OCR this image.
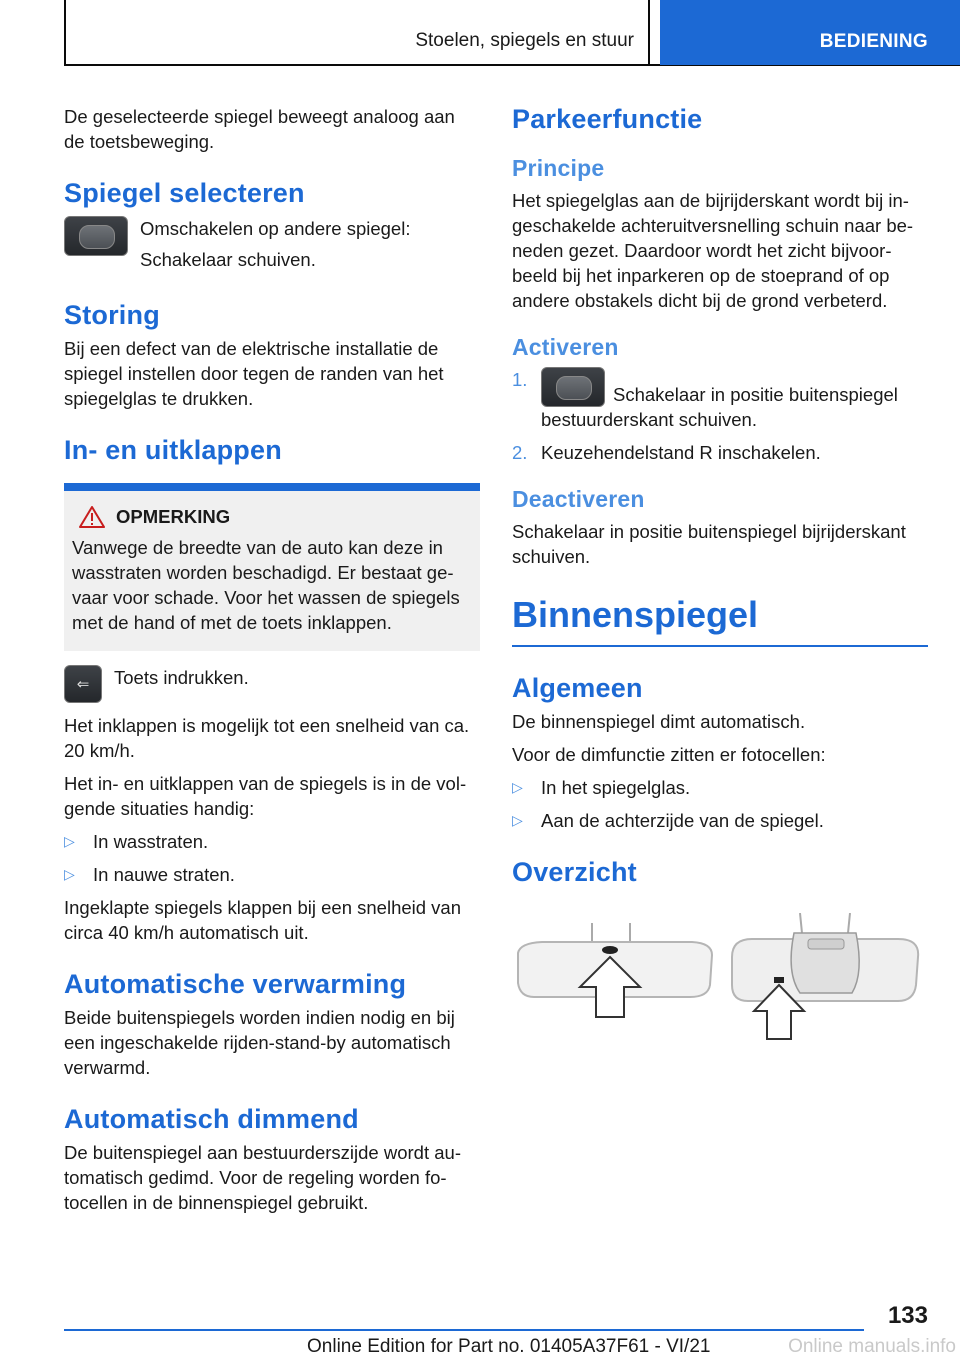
Stoelen, spiegels en stuur	BEDIENING

De geselecteerde spiegel beweegt analoog aan de toetsbeweging.

Spiegel selecteren

Omschakelen op andere spiegel:

Schakelaar schuiven.

Storing

Bij een defect van de elektrische installatie de spiegel instellen door tegen de randen van het spiegelglas te drukken.

In- en uitklappen
OPMERKING

Vanwege de breedte van de auto kan deze in wasstraten worden beschadigd. Er bestaat gevaar voor schade. Voor het wassen de spiegels met de hand of met de toets inklappen.

⇐	Toets indrukken.

Het inklappen is mogelijk tot een snelheid van ca. 20 km/h.

Het in- en uitklappen van de spiegels is in de volgende situaties handig:

▷ In wasstraten.
▷ In nauwe straten.

Ingeklapte spiegels klappen bij een snelheid van circa 40 km/h automatisch uit.

Automatische verwarming

Beide buitenspiegels worden indien nodig en bij een ingeschakelde rijden-stand-by automatisch verwarmd.

Automatisch dimmend

De buitenspiegel aan bestuurderszijde wordt automatisch gedimd. Voor de regeling worden fotocellen in de binnenspiegel gebruikt.

Parkeerfunctie
Principe

Het spiegelglas aan de bijrijderskant wordt bij ingeschakelde achteruitversnelling schuin naar beneden gezet. Daardoor wordt het zicht bijvoorbeeld bij het inparkeren op de stoeprand of op andere obstakels dicht bij de grond verbeterd.

Activeren
1.
Schakelaar in positie buitenspiegel bestuurderskant schuiven.
2. Keuzehendelstand R inschakelen.
Deactiveren

Schakelaar in positie buitenspiegel bijrijderskant schuiven.

Binnenspiegel
Algemeen

De binnenspiegel dimt automatisch.

Voor de dimfunctie zitten er fotocellen:

▷ In het spiegelglas.
▷ Aan de achterzijde van de spiegel.
Overzicht
133
Online Edition for Part no. 01405A37F61 - VI/21	Online manuals.info
